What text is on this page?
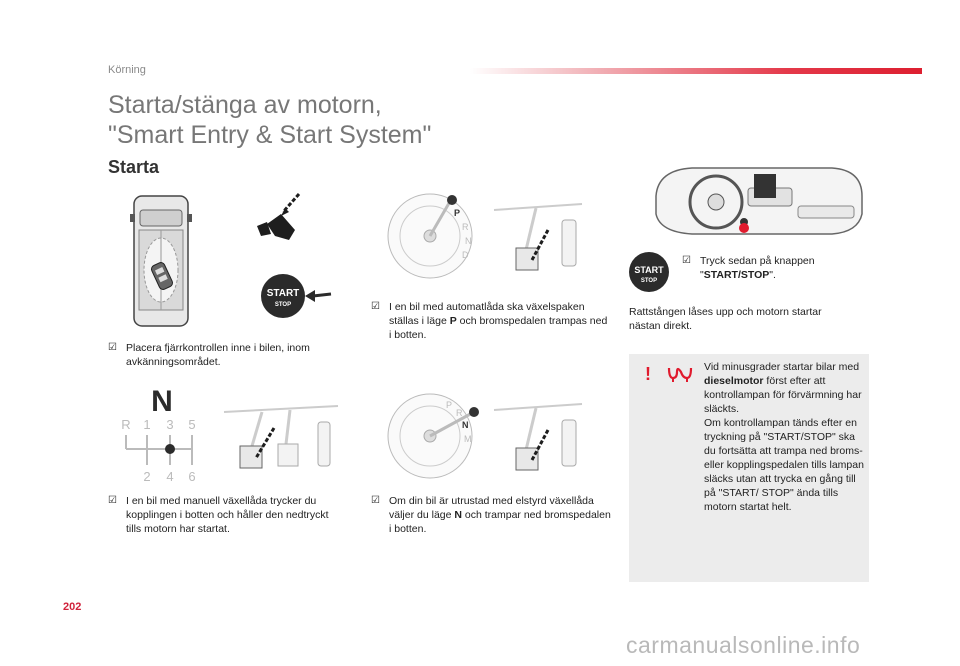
Körning
Starta/stänga av motorn,
"Smart Entry & Start System"
Starta
START
STOP
☑ Placera fjärrkontrollen inne i bilen, inom avkänningsområdet.
P
R
N
D
☑ I en bil med automatlåda ska växelspaken ställas i läge P och bromspedalen trampas ned i botten.
START
STOP
☑ Tryck sedan på knappen "START/STOP".
Rattstången låses upp och motorn startar nästan direkt.
N
R 1 3 5
2 4 6
P
R
N
M
☑ I en bil med manuell växellåda trycker du kopplingen i botten och håller den nedtryckt tills motorn har startat.
☑ Om din bil är utrustad med elstyrd växellåda väljer du läge N och trampar ned bromspedalen i botten.
!	Vid minusgrader startar bilar med dieselmotor först efter att kontrollampan för förvärmning har släckts.
Om kontrollampan tänds efter en tryckning på "START/STOP" ska du fortsätta att trampa ned broms- eller kopplingspedalen tills lampan släcks utan att trycka en gång till på "START/ STOP" ända tills motorn startat helt.
202
carmanualsonline.info
